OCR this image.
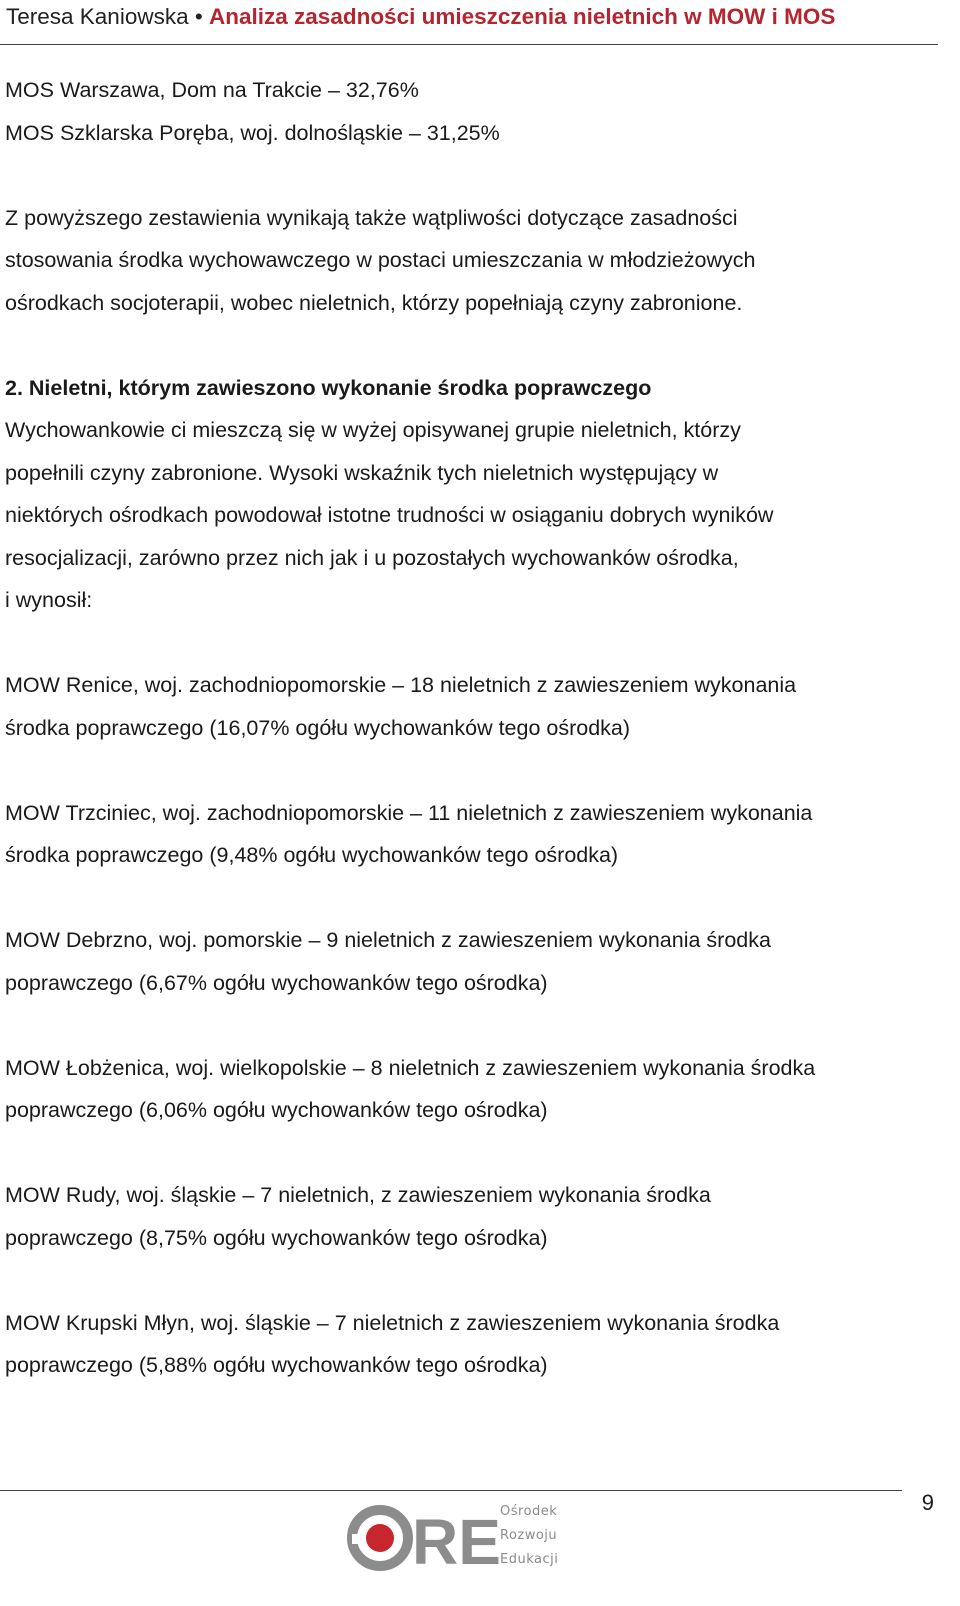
Teresa Kaniowska • Analiza zasadności umieszczenia nieletnich w MOW i MOS

MOS Warszawa, Dom na Trakcie – 32,76%

MOS Szklarska Poręba, woj. dolnośląskie – 31,25%

Z powyższego zestawienia wynikają także wątpliwości dotyczące zasadności
stosowania środka wychowawczego w postaci umieszczania w młodzieżowych
ośrodkach socjoterapii, wobec nieletnich, którzy popełniają czyny zabronione.

2. Nieletni, którym zawieszono wykonanie środka poprawczego

Wychowankowie ci mieszczą się w wyżej opisywanej grupie nieletnich, którzy
popełnili czyny zabronione. Wysoki wskaźnik tych nieletnich występujący w
niektórych ośrodkach powodował istotne trudności w osiąganiu dobrych wyników
resocjalizacji, zarówno przez nich jak i u pozostałych wychowanków ośrodka,
i wynosił:
MOW Renice, woj. zachodniopomorskie – 18 nieletnich z zawieszeniem wykonania
środka poprawczego (16,07% ogółu wychowanków tego ośrodka)
MOW Trzciniec, woj. zachodniopomorskie – 11 nieletnich z zawieszeniem wykonania
środka poprawczego (9,48% ogółu wychowanków tego ośrodka)
MOW Debrzno, woj. pomorskie – 9 nieletnich z zawieszeniem wykonania środka
poprawczego (6,67% ogółu wychowanków tego ośrodka)
MOW Łobżenica, woj. wielkopolskie – 8 nieletnich z zawieszeniem wykonania środka
poprawczego (6,06% ogółu wychowanków tego ośrodka)
MOW Rudy, woj. śląskie – 7 nieletnich, z zawieszeniem wykonania środka
poprawczego (8,75% ogółu wychowanków tego ośrodka)
MOW Krupski Młyn, woj. śląskie – 7 nieletnich z zawieszeniem wykonania środka
poprawczego (5,88% ogółu wychowanków tego ośrodka)
9
RE Ośrodek
Rozwoju
Edukacji
